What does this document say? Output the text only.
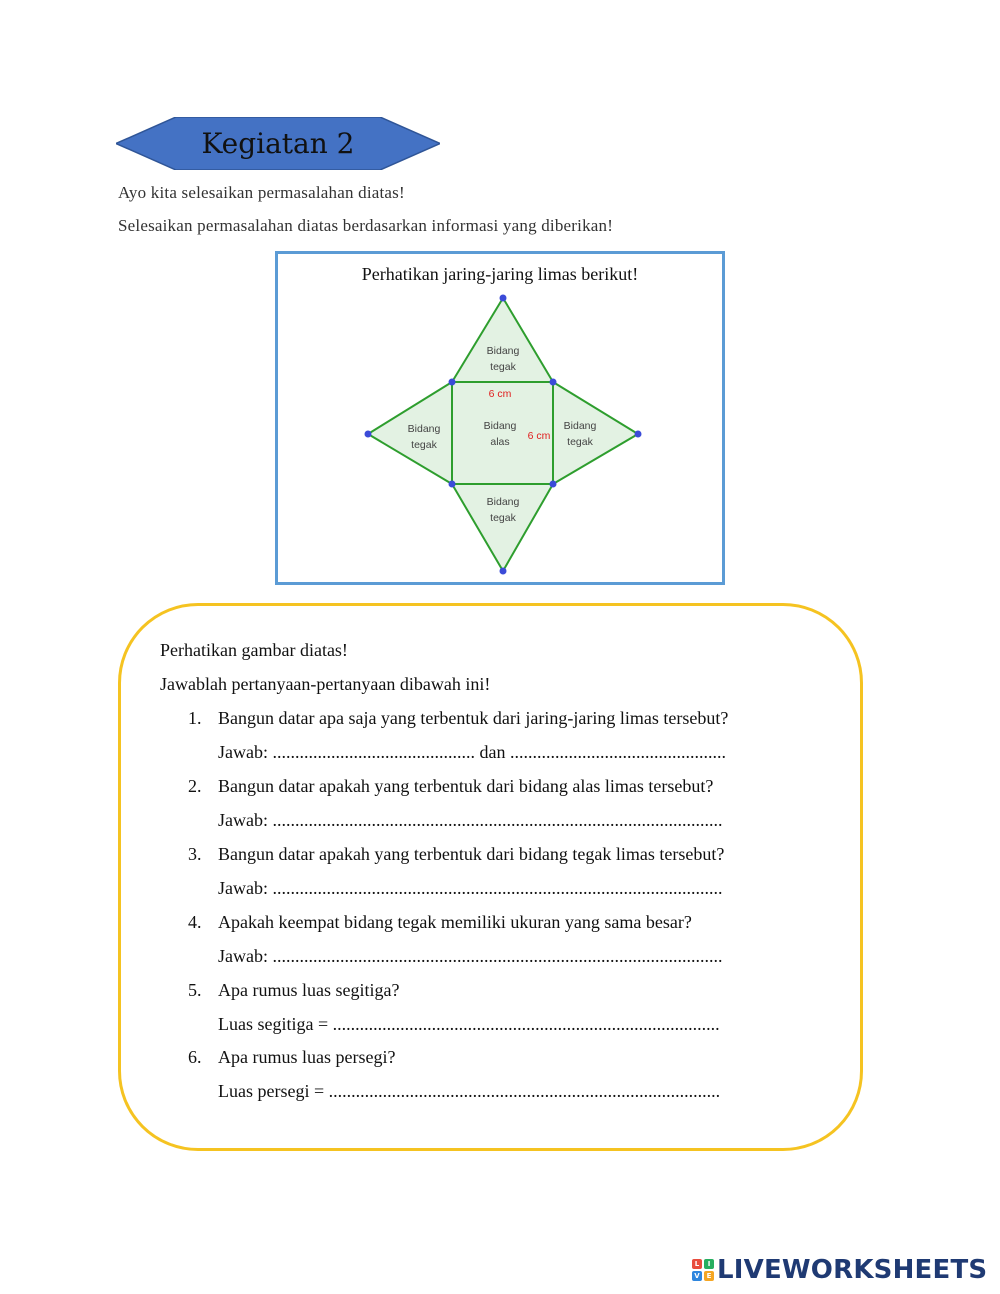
Kegiatan 2
Ayo kita selesaikan permasalahan diatas!
Selesaikan permasalahan diatas berdasarkan informasi yang diberikan!
Perhatikan jaring-jaring limas berikut!
Bidang
tegak
Bidang
tegak
Bidang
alas
Bidang
tegak
Bidang
tegak
6 cm
6 cm
Perhatikan gambar diatas!
Jawablah pertanyaan-pertanyaan dibawah ini!
1. Bangun datar apa saja yang terbentuk dari jaring-jaring limas tersebut?
Jawab: ............................................. dan ................................................
2. Bangun datar apakah yang terbentuk dari bidang alas limas tersebut?
Jawab: ....................................................................................................
3. Bangun datar apakah yang terbentuk dari bidang tegak limas tersebut?
Jawab: ....................................................................................................
4. Apakah keempat bidang tegak memiliki ukuran yang sama besar?
Jawab: ....................................................................................................
5. Apa rumus luas segitiga?
Luas segitiga = ......................................................................................
6. Apa rumus luas persegi?
Luas persegi = .......................................................................................
L	I
V E LIVEWORKSHEETS
